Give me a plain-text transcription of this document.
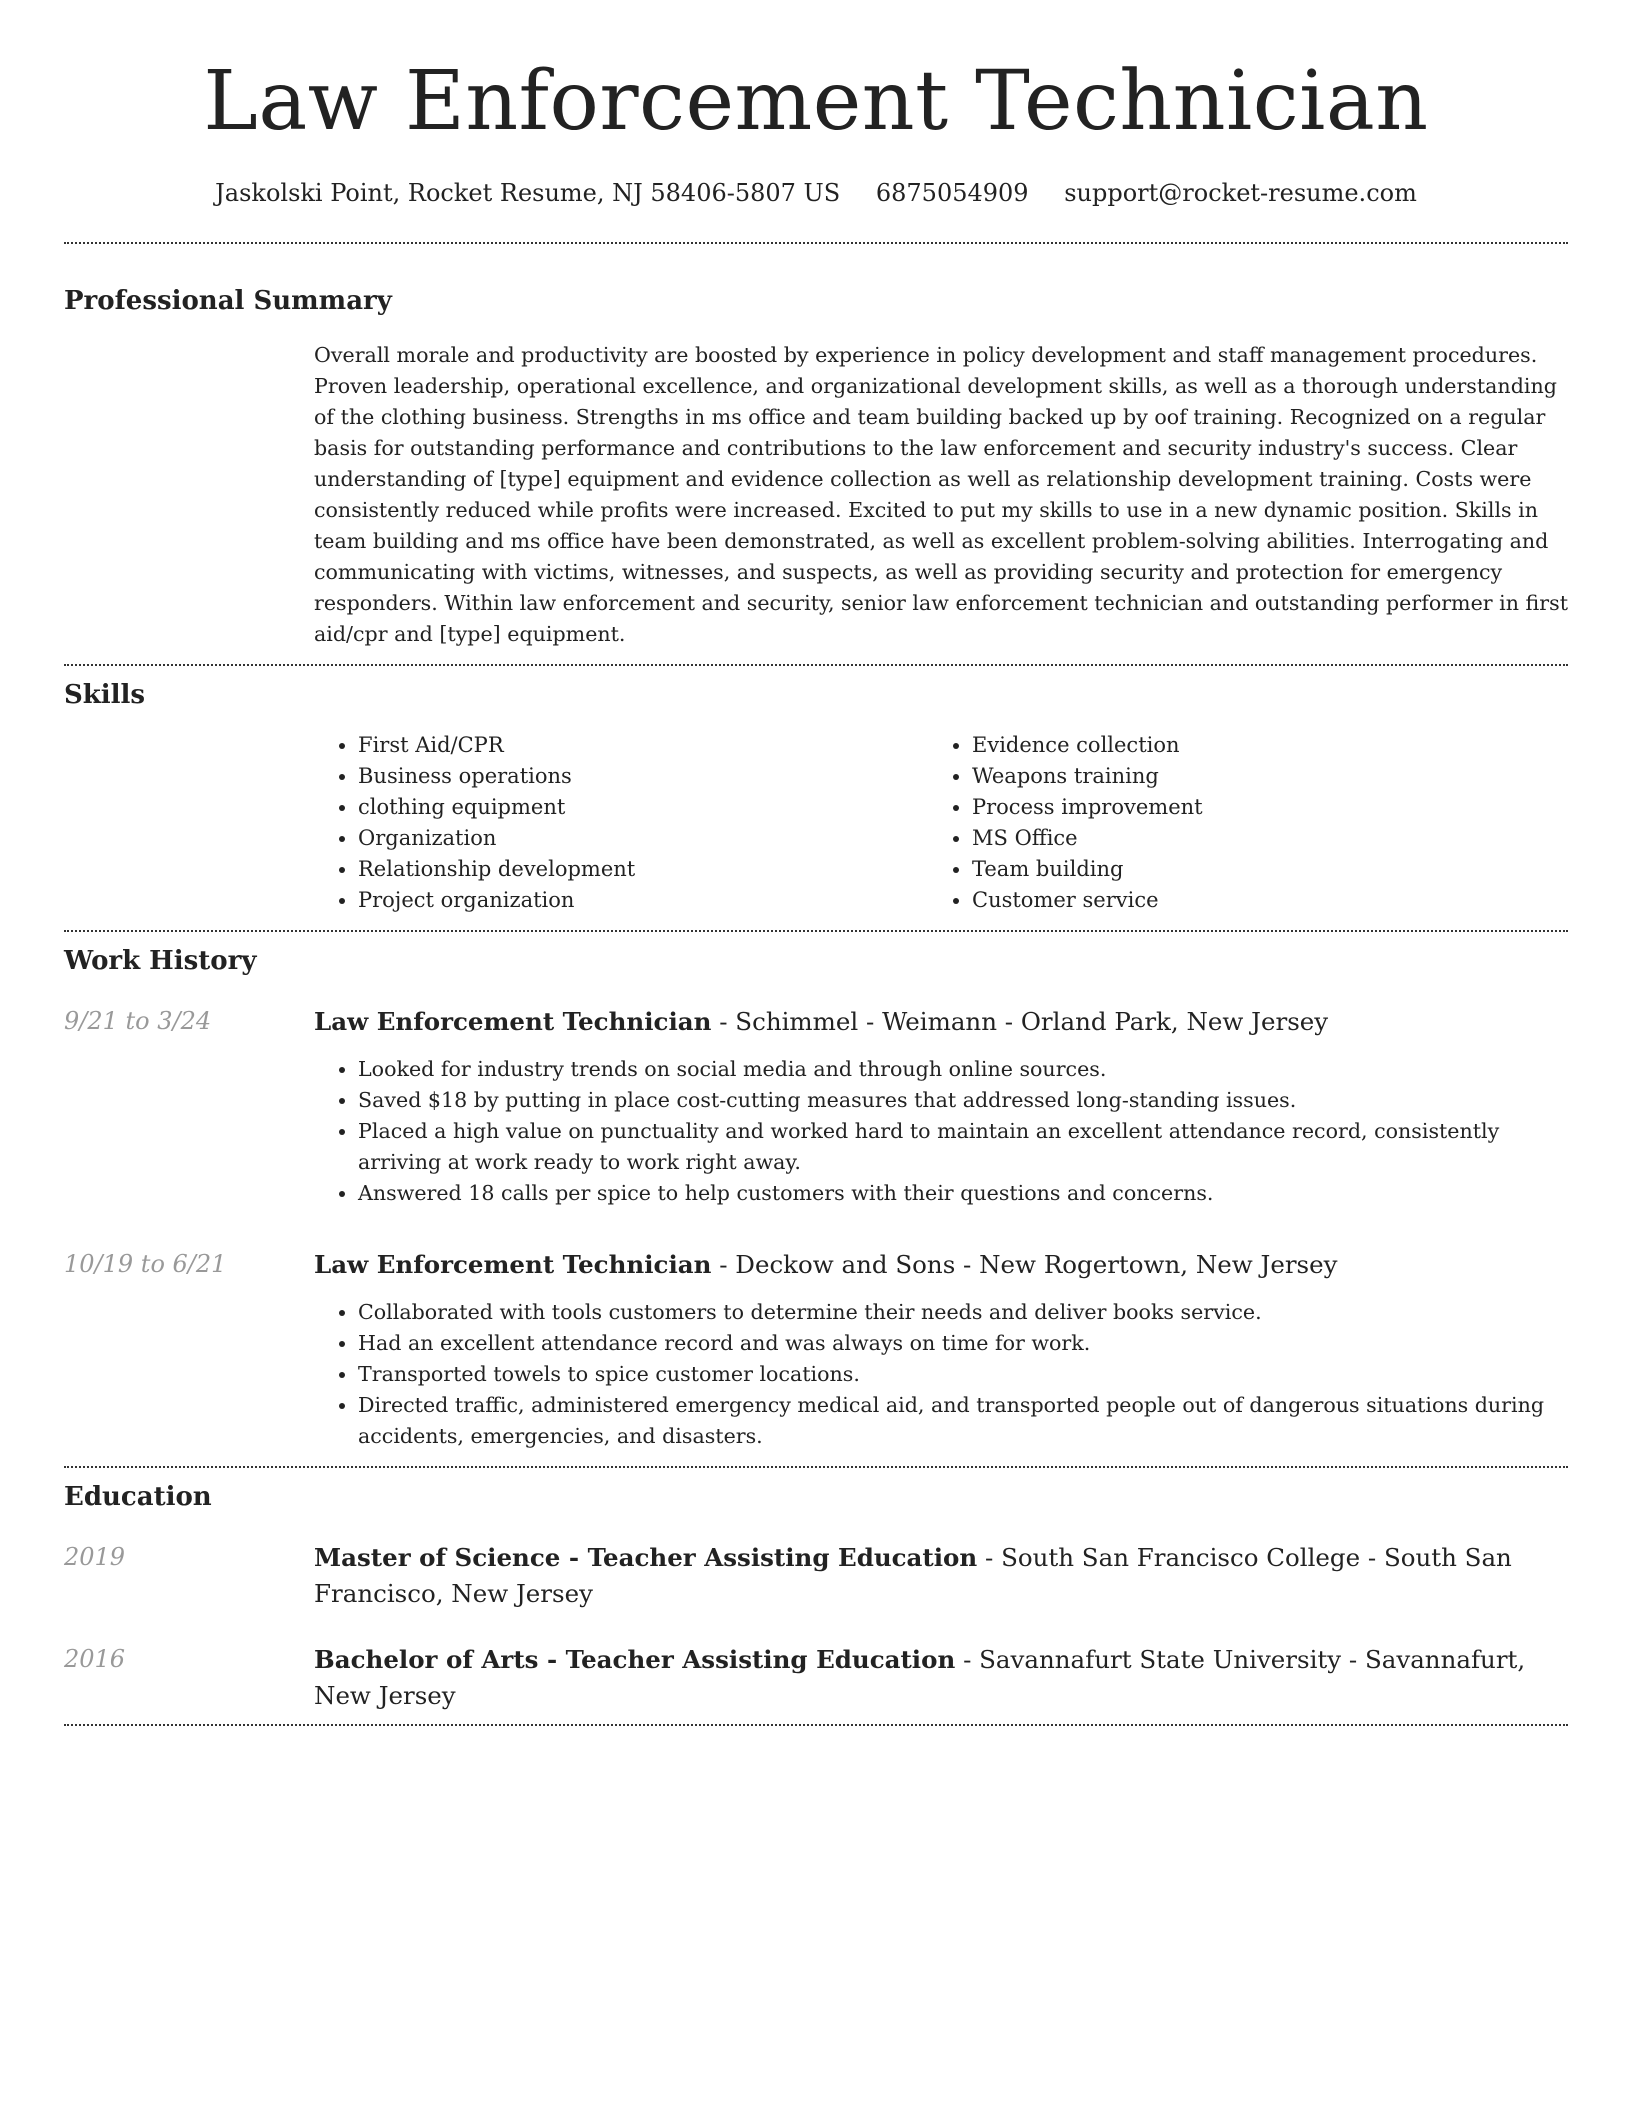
Law Enforcement Technician
Jaskolski Point, Rocket Resume, NJ 58406-5807 US 6875054909 support@rocket-resume.com
Professional Summary

Overall morale and productivity are boosted by experience in policy development and staff management procedures. Proven leadership, operational excellence, and organizational development skills, as well as a thorough understanding of the clothing business. Strengths in ms office and team building backed up by oof training. Recognized on a regular basis for outstanding performance and contributions to the law enforcement and security industry's success. Clear understanding of [type] equipment and evidence collection as well as relationship development training. Costs were consistently reduced while profits were increased. Excited to put my skills to use in a new dynamic position. Skills in team building and ms office have been demonstrated, as well as excellent problem-solving abilities. Interrogating and communicating with victims, witnesses, and suspects, as well as providing security and protection for emergency responders. Within law enforcement and security, senior law enforcement technician and outstanding performer in first aid/cpr and [type] equipment.

Skills
• First Aid/CPR
• Business operations
• clothing equipment
• Organization
• Relationship development
• Project organization
• Evidence collection
• Weapons training
• Process improvement
• MS Office
• Team building
• Customer service
Work History
9/21 to 3/24	Law Enforcement Technician - Schimmel - Weimann - Orland Park, New Jersey
• Looked for industry trends on social media and through online sources.
• Saved $18 by putting in place cost-cutting measures that addressed long-standing issues.
• Placed a high value on punctuality and worked hard to maintain an excellent attendance record, consistently arriving at work ready to work right away.
• Answered 18 calls per spice to help customers with their questions and concerns.
10/19 to 6/21	Law Enforcement Technician - Deckow and Sons - New Rogertown, New Jersey
• Collaborated with tools customers to determine their needs and deliver books service.
• Had an excellent attendance record and was always on time for work.
• Transported towels to spice customer locations.
• Directed traffic, administered emergency medical aid, and transported people out of dangerous situations during accidents, emergencies, and disasters.
Education
2019	Master of Science - Teacher Assisting Education - South San Francisco College - South San Francisco, New Jersey
2016	Bachelor of Arts - Teacher Assisting Education - Savannafurt State University - Savannafurt, New Jersey
